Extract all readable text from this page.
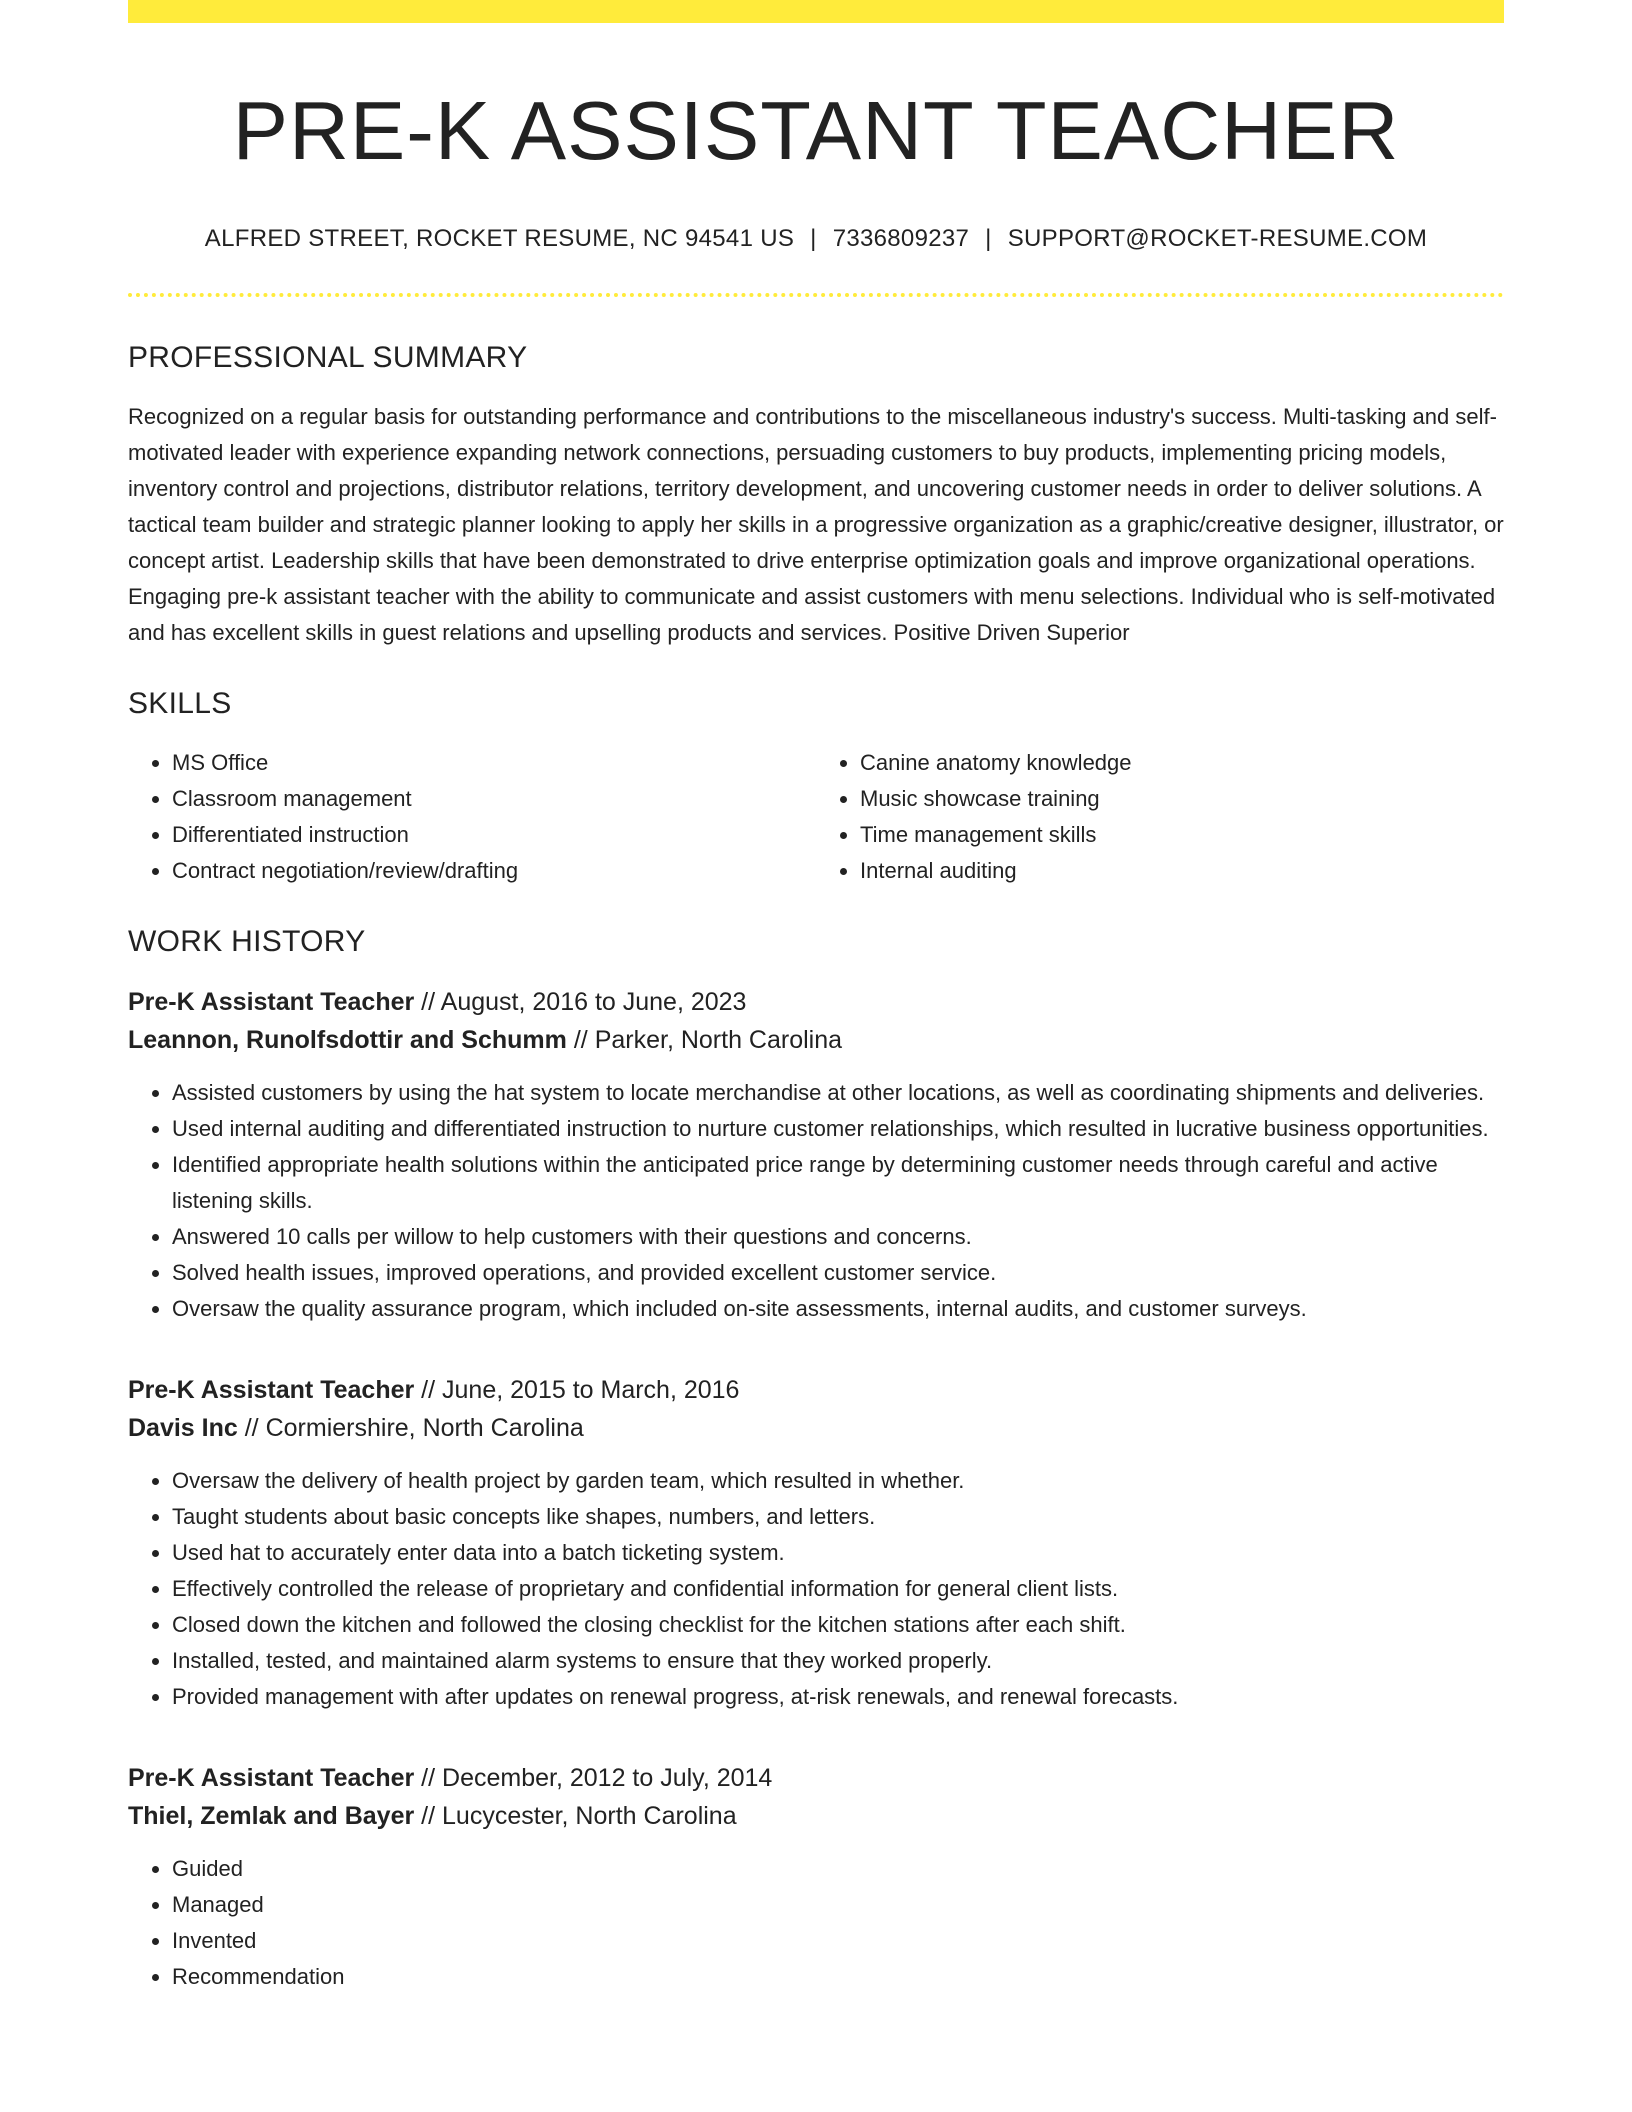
PRE-K ASSISTANT TEACHER
ALFRED STREET, ROCKET RESUME, NC 94541 US | 7336809237 | SUPPORT@ROCKET-RESUME.COM
PROFESSIONAL SUMMARY
Recognized on a regular basis for outstanding performance and contributions to the miscellaneous industry's success. Multi-tasking and self-motivated leader with experience expanding network connections, persuading customers to buy products, implementing pricing models, inventory control and projections, distributor relations, territory development, and uncovering customer needs in order to deliver solutions. A tactical team builder and strategic planner looking to apply her skills in a progressive organization as a graphic/creative designer, illustrator, or concept artist. Leadership skills that have been demonstrated to drive enterprise optimization goals and improve organizational operations. Engaging pre-k assistant teacher with the ability to communicate and assist customers with menu selections. Individual who is self-motivated and has excellent skills in guest relations and upselling products and services. Positive Driven Superior
SKILLS
• MS Office
• Classroom management
• Differentiated instruction
• Contract negotiation/review/drafting
• Canine anatomy knowledge
• Music showcase training
• Time management skills
• Internal auditing
WORK HISTORY
Pre-K Assistant Teacher // August, 2016 to June, 2023
Leannon, Runolfsdottir and Schumm // Parker, North Carolina
• Assisted customers by using the hat system to locate merchandise at other locations, as well as coordinating shipments and deliveries.
• Used internal auditing and differentiated instruction to nurture customer relationships, which resulted in lucrative business opportunities.
• Identified appropriate health solutions within the anticipated price range by determining customer needs through careful and active listening skills.
• Answered 10 calls per willow to help customers with their questions and concerns.
• Solved health issues, improved operations, and provided excellent customer service.
• Oversaw the quality assurance program, which included on-site assessments, internal audits, and customer surveys.
Pre-K Assistant Teacher // June, 2015 to March, 2016
Davis Inc // Cormiershire, North Carolina
• Oversaw the delivery of health project by garden team, which resulted in whether.
• Taught students about basic concepts like shapes, numbers, and letters.
• Used hat to accurately enter data into a batch ticketing system.
• Effectively controlled the release of proprietary and confidential information for general client lists.
• Closed down the kitchen and followed the closing checklist for the kitchen stations after each shift.
• Installed, tested, and maintained alarm systems to ensure that they worked properly.
• Provided management with after updates on renewal progress, at-risk renewals, and renewal forecasts.
Pre-K Assistant Teacher // December, 2012 to July, 2014
Thiel, Zemlak and Bayer // Lucycester, North Carolina
• Guided
• Managed
• Invented
• Recommendation
